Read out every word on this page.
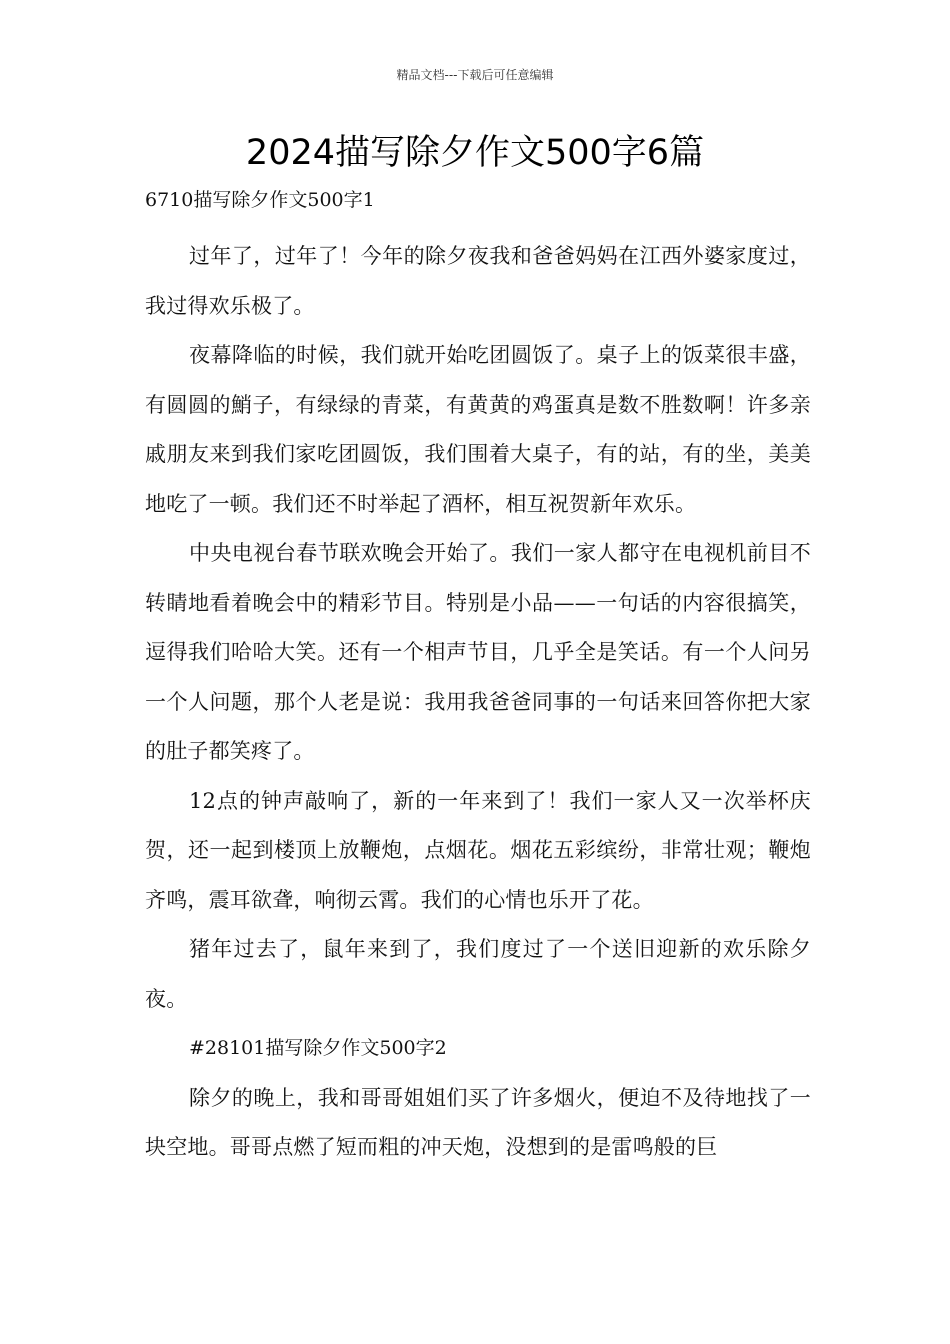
精品文档---下载后可任意编辑
2024描写除夕作文500字6篇

6710描写除夕作文500字1

过年了，过年了！今年的除夕夜我和爸爸妈妈在江西外婆家度过，我过得欢乐极了。

夜幕降临的时候，我们就开始吃团圆饭了。桌子上的饭菜很丰盛，有圆圆的鮹子，有绿绿的青菜，有黄黄的鸡蛋真是数不胜数啊！许多亲戚朋友来到我们家吃团圆饭，我们围着大桌子，有的站，有的坐，美美地吃了一顿。我们还不时举起了酒杯，相互祝贺新年欢乐。

中央电视台春节联欢晚会开始了。我们一家人都守在电视机前目不转睛地看着晚会中的精彩节目。特别是小品——一句话的内容很搞笑，逗得我们哈哈大笑。还有一个相声节目，几乎全是笑话。有一个人问另一个人问题，那个人老是说：我用我爸爸同事的一句话来回答你把大家的肚子都笑疼了。

12点的钟声敲响了，新的一年来到了！我们一家人又一次举杯庆贺，还一起到楼顶上放鞭炮，点烟花。烟花五彩缤纷，非常壮观；鞭炮齐鸣，震耳欲聋，响彻云霄。我们的心情也乐开了花。

猪年过去了，鼠年来到了，我们度过了一个送旧迎新的欢乐除夕夜。

#28101描写除夕作文500字2

除夕的晚上，我和哥哥姐姐们买了许多烟火，便迫不及待地找了一块空地。哥哥点燃了短而粗的冲天炮，没想到的是雷鸣般的巨
